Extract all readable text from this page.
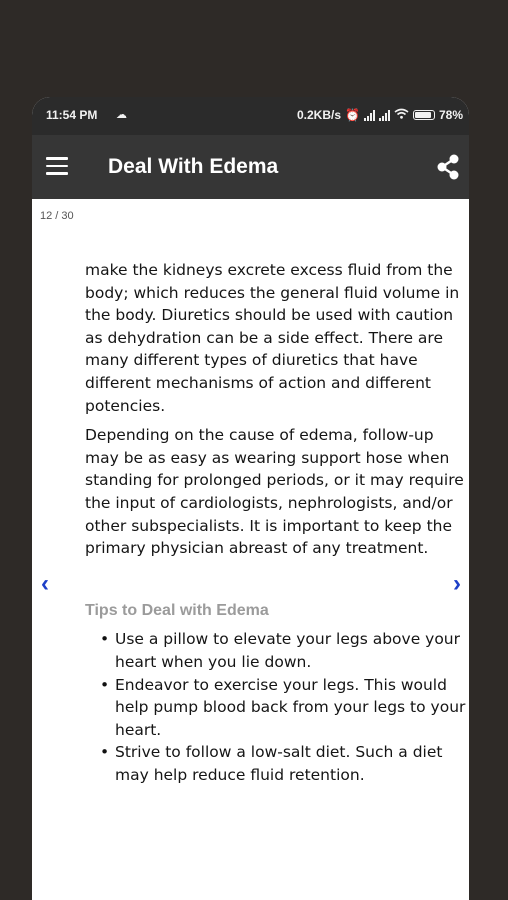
11:54 PM ☁	0.2KB/s ⏰	78%
Deal With Edema
12 / 30

make the kidneys excrete excess fluid from the body; which reduces the general fluid volume in the body. Diuretics should be used with caution as dehydration can be a side effect. There are many different types of diuretics that have different mechanisms of action and different potencies.

Depending on the cause of edema, follow-up may be as easy as wearing support hose when standing for prolonged periods, or it may require the input of cardiologists, nephrologists, and/or other subspecialists. It is important to keep the primary physician abreast of any treatment.

Tips to Deal with Edema
• Use a pillow to elevate your legs above your heart when you lie down.
• Endeavor to exercise your legs. This would help pump blood back from your legs to your heart.
• Strive to follow a low-salt diet. Such a diet may help reduce fluid retention.
‹	›
